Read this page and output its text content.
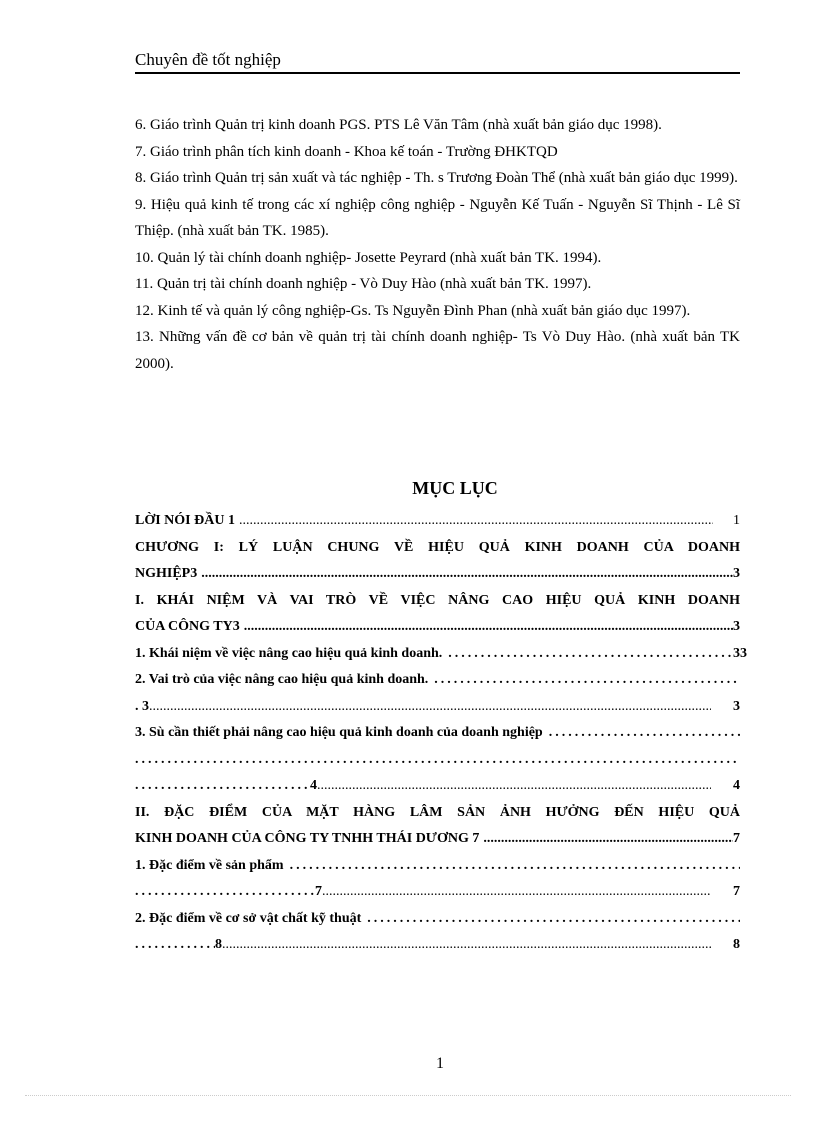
Chuyên đề tốt nghiệp

6. Giáo trình Quản trị kinh doanh PGS. PTS Lê Văn Tâm (nhà xuất bản giáo dục 1998).

7. Giáo trình phân tích kinh doanh - Khoa kế toán - Trường ĐHKTQD

8. Giáo trình Quản trị sản xuất và tác nghiệp - Th. s Trương Đoàn Thể (nhà xuất bản giáo dục 1999).

9. Hiệu quả kinh tế trong các xí nghiệp công nghiệp - Nguyễn Kế Tuấn - Nguyễn Sĩ Thịnh - Lê Sĩ Thiệp. (nhà xuất bản TK. 1985).

10. Quản lý tài chính doanh nghiệp- Josette Peyrard (nhà xuất bản TK. 1994).

11. Quản trị tài chính doanh nghiệp - Vò Duy Hào (nhà xuất bản TK. 1997).

12. Kinh tế và quản lý công nghiệp-Gs. Ts Nguyễn Đình Phan (nhà xuất bản giáo dục 1997).

13. Những vấn đề cơ bản về quản trị tài chính doanh nghiệp- Ts Vò Duy Hào. (nhà xuất bản TK 2000).

MỤC LỤC
LỜI NÓI ĐẦU 1 .....	1
CHƯƠNG I: LÝ LUẬN CHUNG VỀ HIỆU QUẢ KINH DOANH CỦA DOANH
NGHIỆP3 .....	3
I. KHÁI NIỆM VÀ VAI TRÒ VỀ VIỆC NÂNG CAO HIỆU QUẢ KINH DOANH
CỦA CÔNG TY3 .....	3
1. Khái niệm về việc nâng cao hiệu quả kinh doanh. .....	33
2. Vai trò của việc nâng cao hiệu quả kinh doanh.
.....
. 3 .....	3
3. Sù cần thiết phải nâng cao hiệu quả kinh doanh của doanh nghiệp
.....
.....
.....
4 .....	4
II. ĐẶC ĐIỂM CỦA MẶT HÀNG LÂM SẢN ẢNH HƯỞNG ĐẾN HIỆU QUẢ
KINH DOANH CỦA CÔNG TY TNHH THÁI DƯƠNG 7 .....	7
1. Đặc điểm về sản phẩm
.....
.....
7 .....	7
2. Đặc điểm về cơ sở vật chất kỹ thuật
.....
.....
8 .....	8
1
